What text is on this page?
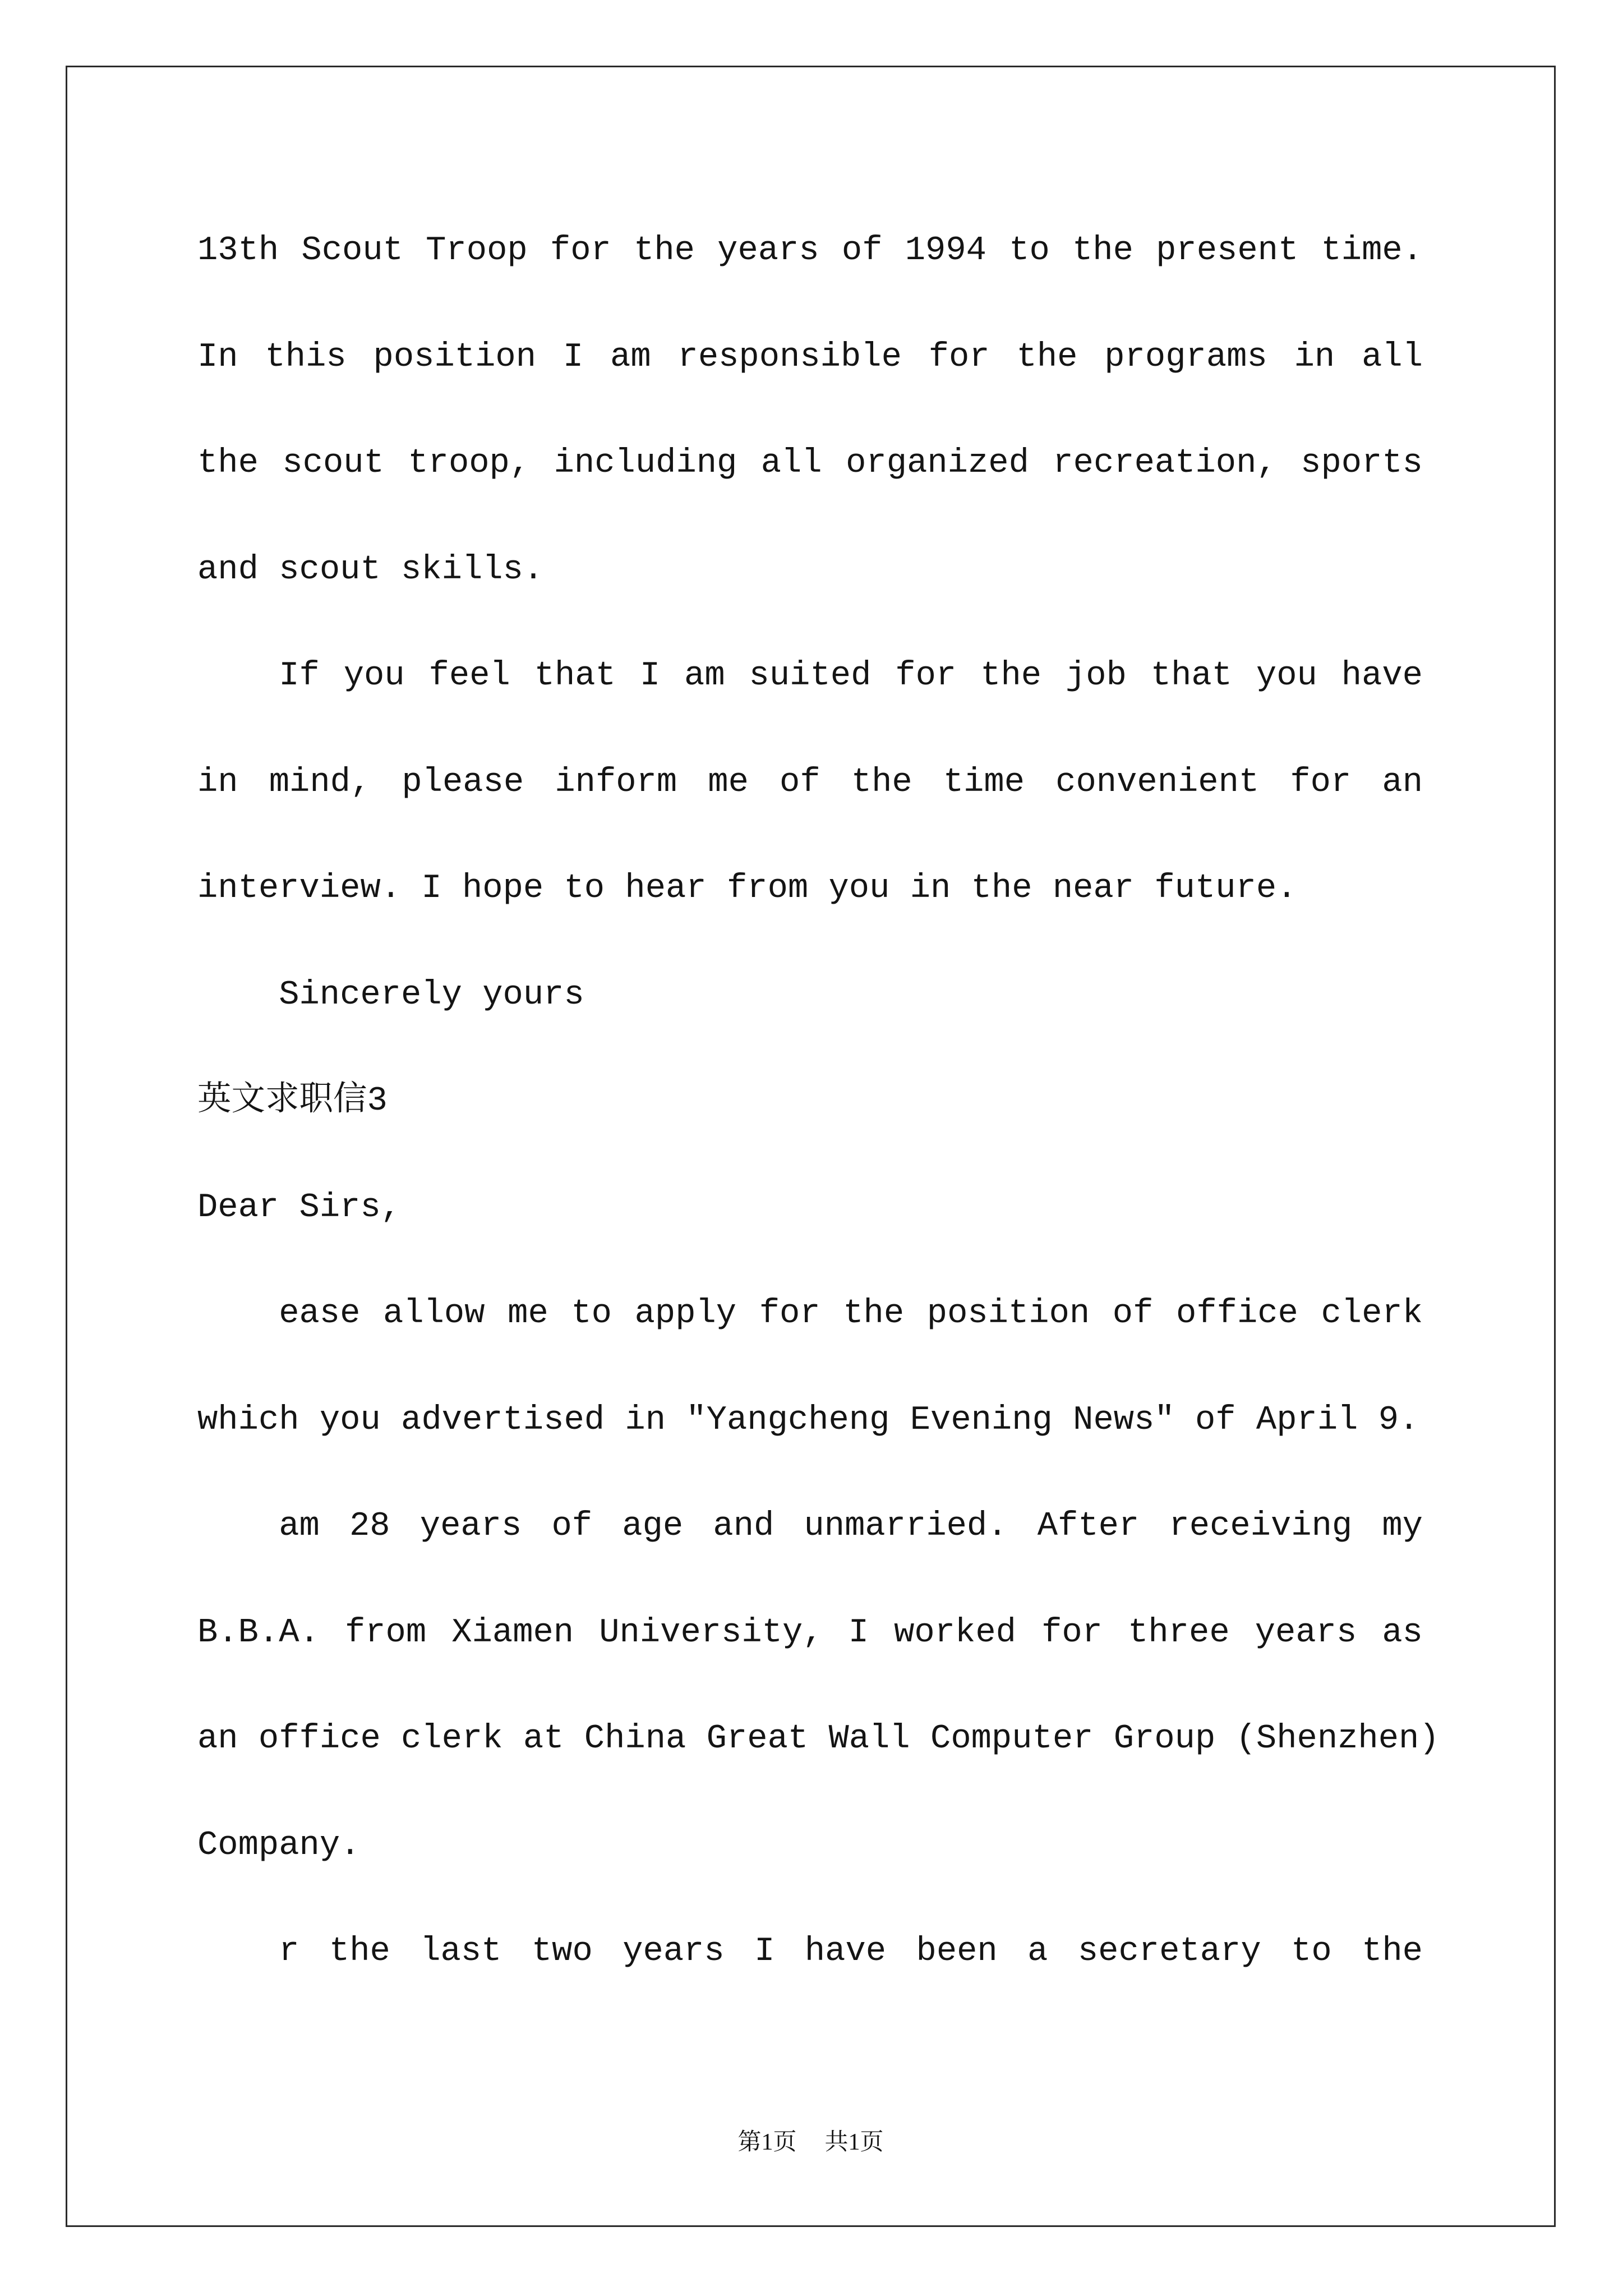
13th Scout Troop for the years of 1994 to the present time.
In this position I am responsible for the programs in all
the scout troop, including all organized recreation, sports
and scout skills.
If you feel that I am suited for the job that you have
in mind, please inform me of the time convenient for an
interview. I hope to hear from you in the near future.
Sincerely yours
英文求职信3
Dear Sirs,
ease allow me to apply for the position of office clerk
which you advertised in "Yangcheng Evening News" of April 9.
am 28 years of age and unmarried. After receiving my
B.B.A. from Xiamen University, I worked for three years as
an office clerk at China Great Wall Computer Group (Shenzhen)
Company.
r the last two years I have been a secretary to the
第1页 共1页
